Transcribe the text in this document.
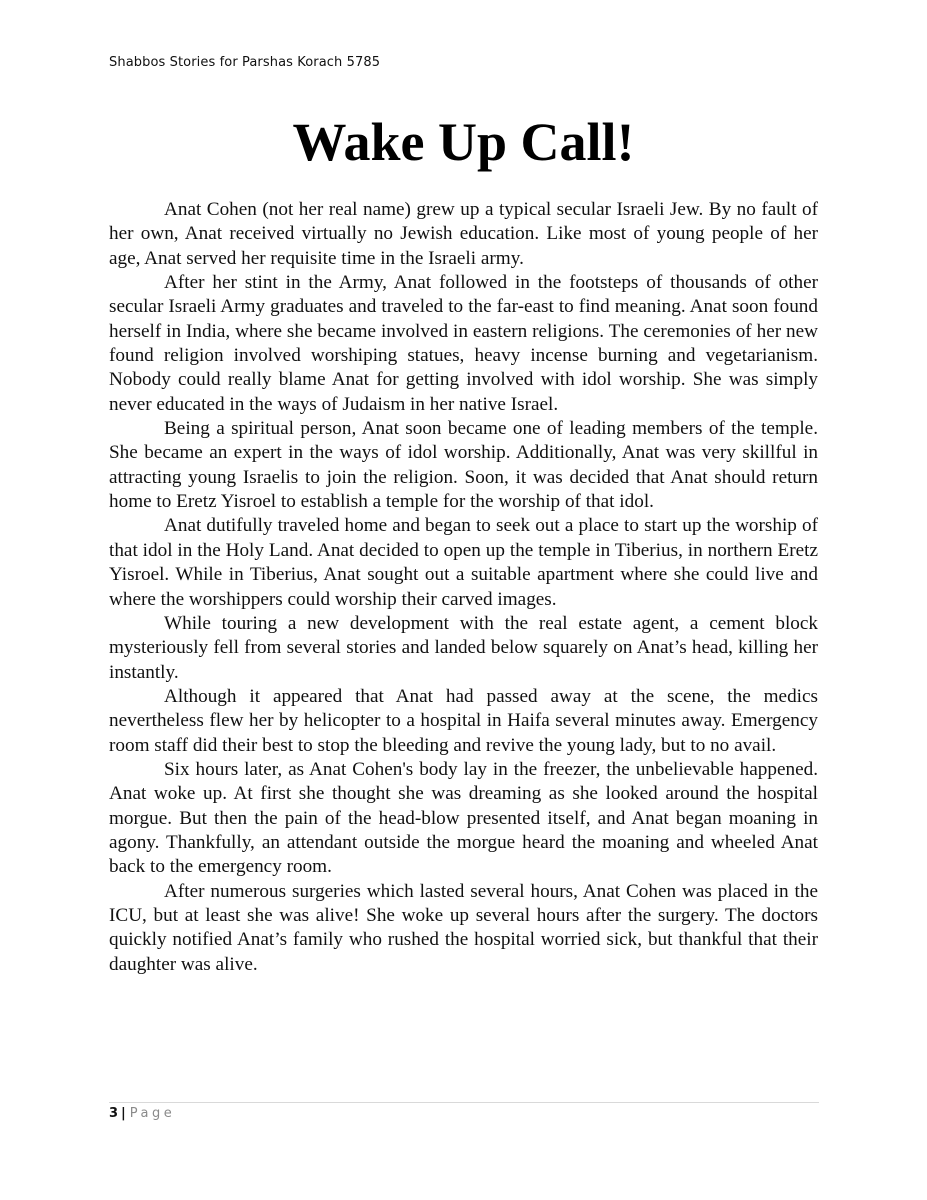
Shabbos Stories for Parshas Korach 5785
Wake Up Call!

Anat Cohen (not her real name) grew up a typical secular Israeli Jew. By no fault of her own, Anat received virtually no Jewish education. Like most of young people of her age, Anat served her requisite time in the Israeli army.

After her stint in the Army, Anat followed in the footsteps of thousands of other secular Israeli Army graduates and traveled to the far-east to find meaning. Anat soon found herself in India, where she became involved in eastern religions. The ceremonies of her new found religion involved worshiping statues, heavy incense burning and vegetarianism. Nobody could really blame Anat for getting involved with idol worship. She was simply never educated in the ways of Judaism in her native Israel.

Being a spiritual person, Anat soon became one of leading members of the temple. She became an expert in the ways of idol worship. Additionally, Anat was very skillful in attracting young Israelis to join the religion. Soon, it was decided that Anat should return home to Eretz Yisroel to establish a temple for the worship of that idol.

Anat dutifully traveled home and began to seek out a place to start up the worship of that idol in the Holy Land. Anat decided to open up the temple in Tiberius, in northern Eretz Yisroel. While in Tiberius, Anat sought out a suitable apartment where she could live and where the worshippers could worship their carved images.

While touring a new development with the real estate agent, a cement block mysteriously fell from several stories and landed below squarely on Anat’s head, killing her instantly.

Although it appeared that Anat had passed away at the scene, the medics nevertheless flew her by helicopter to a hospital in Haifa several minutes away. Emergency room staff did their best to stop the bleeding and revive the young lady, but to no avail.

Six hours later, as Anat Cohen's body lay in the freezer, the unbelievable happened. Anat woke up. At first she thought she was dreaming as she looked around the hospital morgue. But then the pain of the head-blow presented itself, and Anat began moaning in agony. Thankfully, an attendant outside the morgue heard the moaning and wheeled Anat back to the emergency room.

After numerous surgeries which lasted several hours, Anat Cohen was placed in the ICU, but at least she was alive! She woke up several hours after the surgery. The doctors quickly notified Anat’s family who rushed the hospital worried sick, but thankful that their daughter was alive.

3 | Page
